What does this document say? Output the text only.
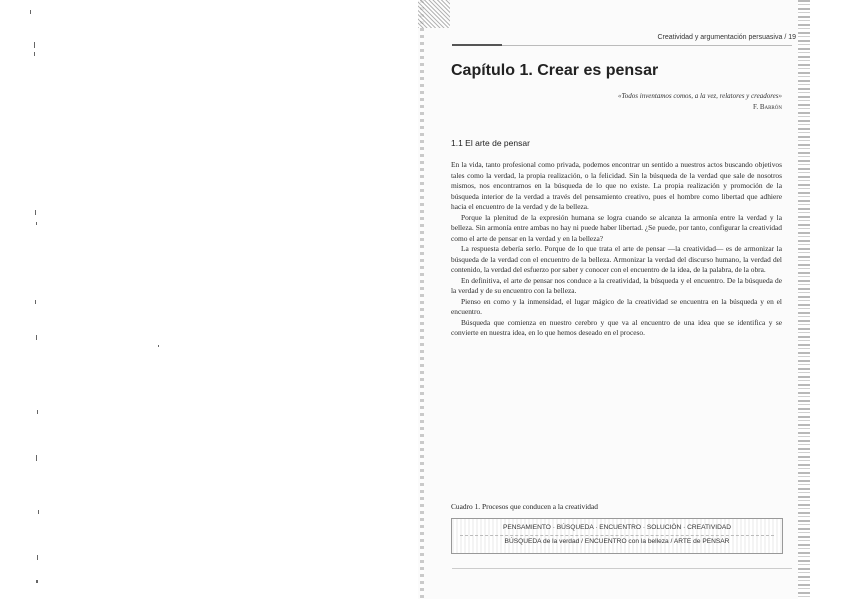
Creatividad y argumentación persuasiva / 19
Capítulo 1. Crear es pensar
«Todos inventamos comos, a la vez, relatores y creadores»
F. Barrón
1.1 El arte de pensar

En la vida, tanto profesional como privada, podemos encontrar un sentido a nuestros actos buscando objetivos tales como la verdad, la propia realización, o la felicidad. Sin la búsqueda de la verdad que sale de nosotros mismos, nos encontramos en la búsqueda de lo que no existe. La propia realización y promoción de la búsqueda interior de la verdad a través del pensamiento creativo, pues el hombre como libertad que adhiere hacia el encuentro de la verdad y de la belleza.

Porque la plenitud de la expresión humana se logra cuando se alcanza la armonía entre la verdad y la belleza. Sin armonía entre ambas no hay ni puede haber libertad. ¿Se puede, por tanto, configurar la creatividad como el arte de pensar en la verdad y en la belleza?

La respuesta debería serlo. Porque de lo que trata el arte de pensar —la creatividad— es de armonizar la búsqueda de la verdad con el encuentro de la belleza. Armonizar la verdad del discurso humano, la verdad del contenido, la verdad del esfuerzo por saber y conocer con el encuentro de la idea, de la palabra, de la obra.

En definitiva, el arte de pensar nos conduce a la creatividad, la búsqueda y el encuentro. De la búsqueda de la verdad y de su encuentro con la belleza.

Pienso en como y la inmensidad, el lugar mágico de la creatividad se encuentra en la búsqueda y en el encuentro.

Búsqueda que comienza en nuestro cerebro y que va al encuentro de una idea que se identifica y se convierte en nuestra idea, en lo que hemos deseado en el proceso.

Cuadro 1. Procesos que conducen a la creatividad
PENSAMIENTO · BÚSQUEDA · ENCUENTRO · SOLUCIÓN · CREATIVIDAD
BÚSQUEDA de la verdad / ENCUENTRO con la belleza / ARTE de PENSAR
